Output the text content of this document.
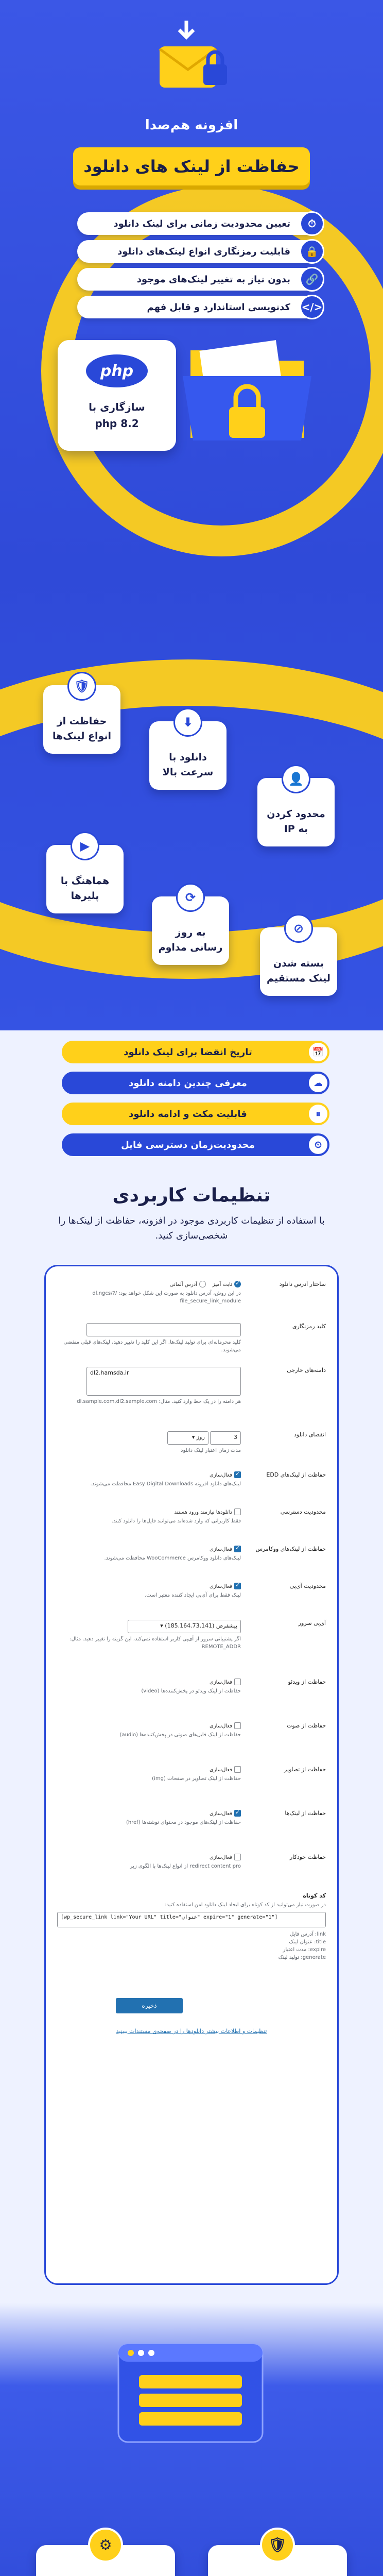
افزونه هم‌صدا
حفاظت از لینک های دانلود
⏱
تعیین محدودیت زمانی برای لینک دانلود
🔒
قابلیت رمزنگاری انواع لینک‌های دانلود
🔗
بدون نیاز به تغییر لینک‌های موجود
</>
کدنویسی استاندارد و قابل فهم
php
سازگاری با
php 8.2
🛡
حفاظت از انواع لینک‌ها
⬇
دانلود با سرعت بالا	👤
محدود کردن به IP
▶
هماهنگ با پلیرها	⟳
به روز رسانی مداوم
⊘
بسته شدن لینک مستقیم
📅
تاریخ انقضا برای لینک دانلود
☁
معرفی چندین دامنه دانلود
⏸
قابلیت مکث و ادامه دانلود
⏲
محدودیت‌زمان دسترسی فایل
تنظیمات کاربردی
با استفاده از تنظیمات کاربردی موجود در افزونه، حفاظت از لینک‌ها را شخصی‌سازی کنید.
ساختار آدرس دانلود
✓ثابت آمیز    آدرس آلمانی
در این روش، آدرس دانلود به صورت این شکل خواهد بود: /dl.ngcs/?file_secure_link_module
کلید رمزنگاری
کلید محرمانه‌ای برای تولید لینک‌ها. اگر این کلید را تغییر دهید، لینک‌های قبلی منقضی می‌شوند.
دامنه‌های خارجی
dl2.hamsda.ir
هر دامنه را در یک خط وارد کنید. مثال: dl.sample.com,dl2.sample.com
انقضای دانلود
3 روز ▾
مدت زمان اعتبار لینک دانلود
حفاظت از لینک‌های EDD
✓فعال‌سازی
لینک‌های دانلود افزونه Easy Digital Downloads محافظت می‌شوند.
محدودیت دسترسی
دانلودها نیازمند ورود هستند
فقط کاربرانی که وارد شده‌اند می‌توانند فایل‌ها را دانلود کنند.
حفاظت از لینک‌های ووکامرس
✓فعال‌سازی
لینک‌های دانلود ووکامرس WooCommerce محافظت می‌شوند.
محدودیت آی‌پی
✓فعال‌سازی
لینک فقط برای آی‌پی ایجاد کننده معتبر است.
آی‌پی سرور
پیشفرض (185.164.73.141) ▾
اگر پشتیبانی سرور از آی‌پی کاربر استفاده نمی‌کند، این گزینه را تغییر دهید. مثال: REMOTE_ADDR
حفاظت از ویدئو
فعال‌سازی
حفاظت از لینک ویدئو در پخش‌کننده‌ها (video)
حفاظت از صوت
فعال‌سازی
حفاظت از لینک فایل‌های صوتی در پخش‌کننده‌ها (audio)
حفاظت از تصاویر
فعال‌سازی
حفاظت از لینک تصاویر در صفحات (img)
حفاظت از لینک‌ها
✓فعال‌سازی
حفاظت از لینک‌های موجود در محتوای نوشته‌ها (href)
حفاظت خودکار
فعال‌سازی
redirect content pro از انواع لینک‌ها با الگوی زیر
کد کوتاه
در صورت نیاز می‌توانید از کد کوتاه برای ایجاد لینک دانلود امن استفاده کنید:
[wp_secure_link link="Your URL" title="عنوان" expire="1" generate="1"]
link: آدرس فایل
title: عنوان لینک
expire: مدت اعتبار
generate: تولید لینک
ذخیره
تنظیمات و اطلاعات بیشتر دانلودها را در صفحه‌ی مستندات ببینید
⚙	🛡
